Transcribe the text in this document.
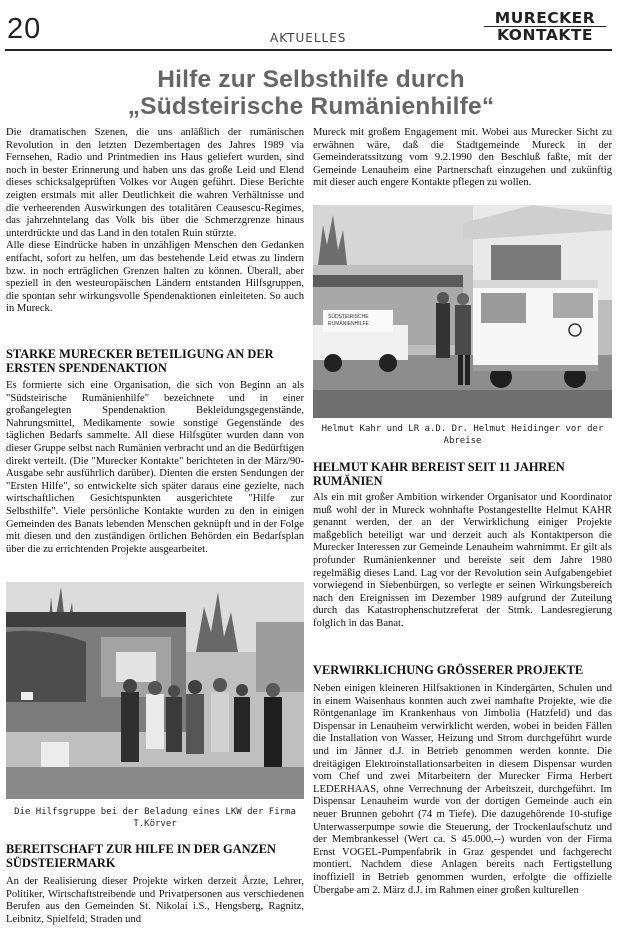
20	AKTUELLES
MURECKER

KONTAKTE
Hilfe zur Selbsthilfe durch
„Südsteirische Rumänienhilfe“

Die dramatischen Szenen, die uns anläßlich der rumänischen Revolution in den letzten Dezembertagen des Jahres 1989 via Fernsehen, Radio und Printmedien ins Haus geliefert wurden, sind noch in bester Erinnerung und haben uns das große Leid und Elend dieses schicksalgeprüften Volkes vor Augen geführt. Diese Berichte zeigten erstmals mit aller Deutlichkeit die wahren Verhältnisse und die verheerenden Auswirkungen des totalitären Ceausescu-Regimes, das jahrzehntelang das Volk bis über die Schmerzgrenze hinaus unterdrückte und das Land in den totalen Ruin stürzte.

Alle diese Eindrücke haben in unzähligen Menschen den Gedanken entfacht, sofort zu helfen, um das bestehende Leid etwas zu lindern bzw. in noch erträglichen Grenzen halten zu können. Überall, aber speziell in den westeuropäischen Ländern entstanden Hilfsgruppen, die spontan sehr wirkungsvolle Spendenaktionen einleiteten. So auch in Mureck.

Mureck mit großem Engagement mit. Wobei aus Murecker Sicht zu erwähnen wäre, daß die Stadtgemeinde Mureck in der Gemeinderatssitzung vom 9.2.1990 den Beschluß faßte, mit der Gemeinde Lenauheim eine Partnerschaft einzugehen und zukünftig mit dieser auch engere Kontakte pflegen zu wollen.
STARKE MURECKER BETEILIGUNG AN DER ERSTEN SPENDENAKTION
Es formierte sich eine Organisation, die sich von Beginn an als "Südsteirische Rumänienhilfe" bezeichnete und in einer großangelegten Spendenaktion Bekleidungsgegenstände, Nahrungsmittel, Medikamente sowie sonstige Gegenstände des täglichen Bedarfs sammelte. All diese Hilfsgüter wurden dann von dieser Gruppe selbst nach Rumänien verbracht und an die Bedürftigen direkt verteilt. (Die "Murecker Kontakte" berichteten in der März/90-Ausgabe sehr ausführlich darüber). Dienten die ersten Sendungen der "Ersten Hilfe", so entwickelte sich später daraus eine gezielte, nach wirtschaftlichen Gesichtspunkten ausgerichtete "Hilfe zur Selbsthilfe". Viele persönliche Kontakte wurden zu den in einigen Gemeinden des Banats lebenden Menschen geknüpft und in der Folge mit diesen und den zuständigen örtlichen Behörden ein Bedarfsplan über die zu errichtenden Projekte ausgearbeitet.
SÜDSTEIRISCHE
RUMÄNIENHILFE
Helmut Kahr und LR a.D. Dr. Helmut Heidinger vor der Abreise
HELMUT KAHR BEREIST SEIT 11 JAHREN RUMÄNIEN
Als ein mit großer Ambition wirkender Organisator und Koordinator muß wohl der in Mureck wohnhafte Postangestellte Helmut KAHR genannt werden, der an der Verwirklichung einiger Projekte maßgeblich beteiligt war und derzeit auch als Kontaktperson die Murecker Interessen zur Gemeinde Lenauheim wahrnimmt. Er gilt als profunder Rumänienkenner und bereiste seit dem Jahre 1980 regelmäßig dieses Land. Lag vor der Revolution sein Aufgabengebiet vorwiegend in Siebenbürgen, so verlegte er seinen Wirkungsbereich nach den Ereignissen im Dezember 1989 aufgrund der Zuteilung durch das Katastrophenschutzreferat der Stmk. Landesregierung folglich in das Banat.
Die Hilfsgruppe bei der Beladung eines LKW der Firma T.Körver
BEREITSCHAFT ZUR HILFE IN DER GANZEN SÜDSTEIERMARK
An der Realisierung dieser Projekte wirken derzeit Ärzte, Lehrer, Politiker, Wirtschaftstreibende und Privatpersonen aus verschiedenen Berufen aus den Gemeinden St. Nikolai i.S., Hengsberg, Ragnitz, Leibnitz, Spielfeld, Straden und
VERWIRKLICHUNG GRÖSSERER PROJEKTE
Neben einigen kleineren Hilfsaktionen in Kindergärten, Schulen und in einem Waisenhaus konnten auch zwei namhafte Projekte, wie die Röntgenanlage im Krankenhaus von Jimbolia (Hatzfeld) und das Dispensar in Lenauheim verwirklicht werden, wobei in beiden Fällen die Installation von Wasser, Heizung und Strom durchgeführt wurde und im Jänner d.J. in Betrieb genommen werden konnte. Die dreitägigen Elektroinstallationsarbeiten in diesem Dispensar wurden vom Chef und zwei Mitarbeitern der Murecker Firma Herbert LEDERHAAS, ohne Verrechnung der Arbeitszeit, durchgeführt. Im Dispensar Lenauheim wurde von der dortigen Gemeinde auch ein neuer Brunnen gebohrt (74 m Tiefe). Die dazugehörende 10-stufige Unterwasserpumpe sowie die Steuerung, der Trockenlaufschutz und der Membrankessel (Wert ca. S 45.000,--) wurden von der Firma Ernst VOGEL-Pumpenfabrik in Graz gespendet und fachgerecht montiert. Nachdem diese Anlagen bereits nach Fertigstellung inoffiziell in Betrieb genommen wurden, erfolgte die offizielle Übergabe am 2. März d.J. im Rahmen einer großen kulturellen
